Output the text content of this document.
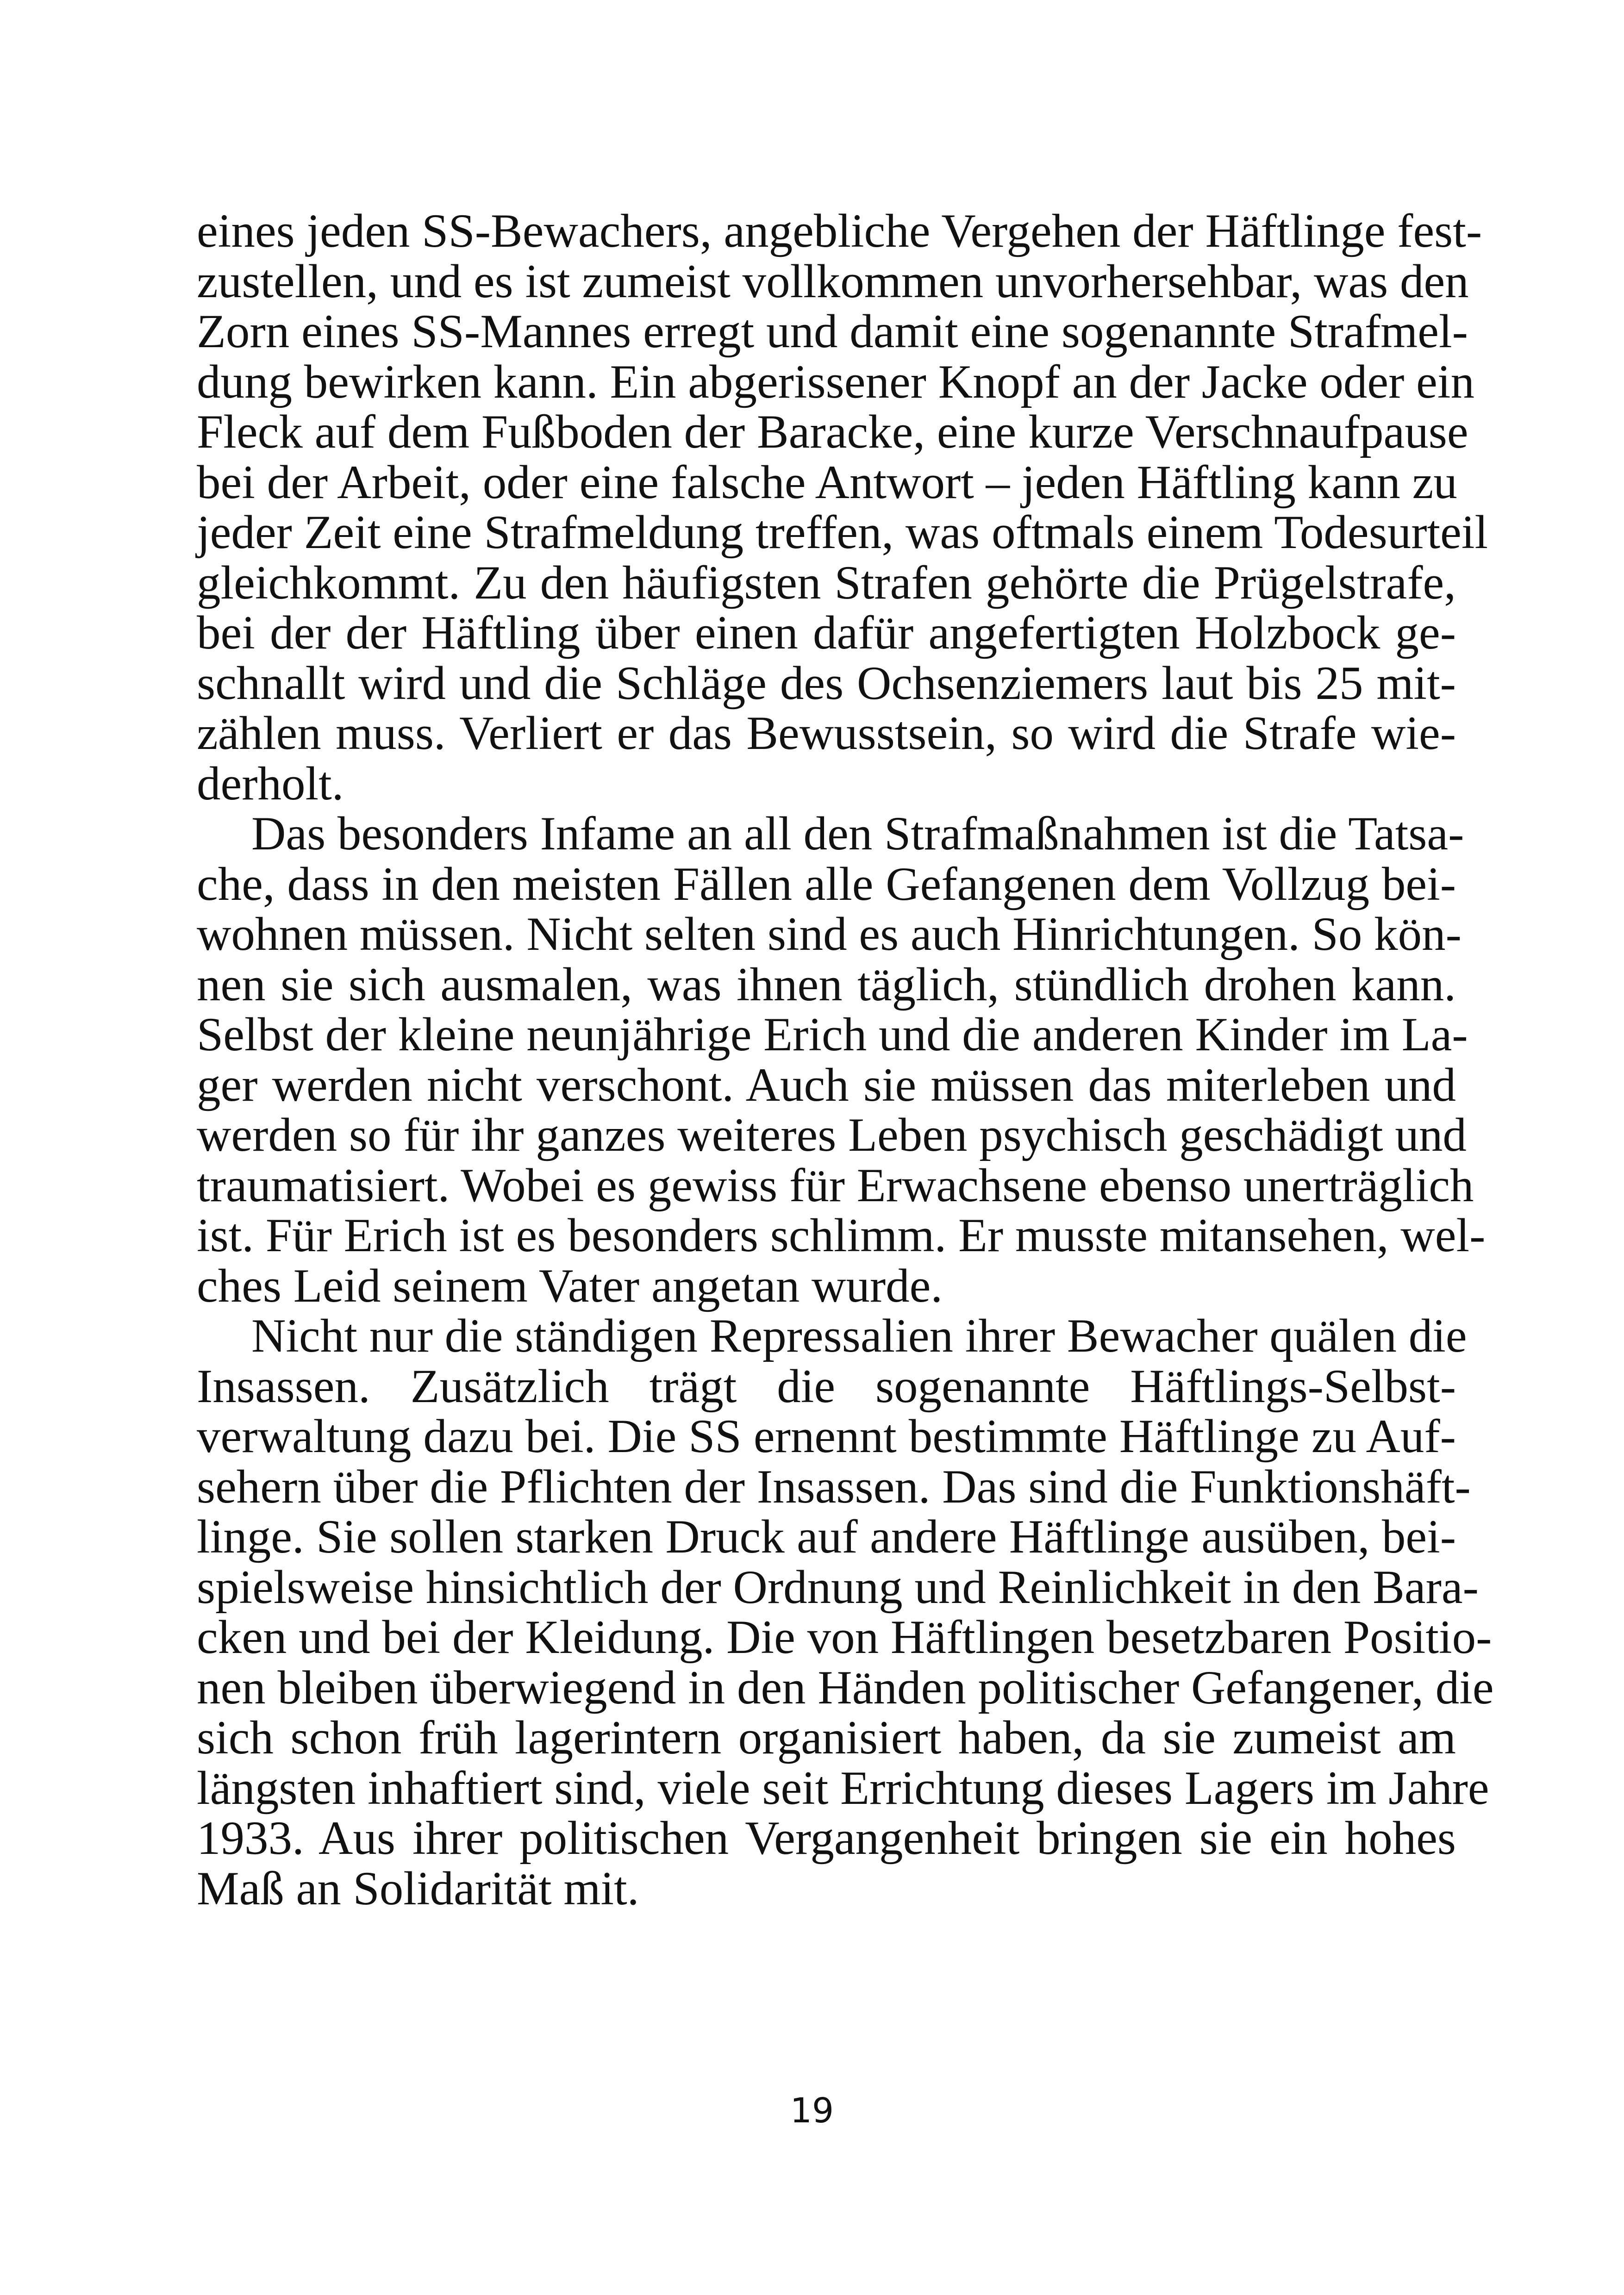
eines jeden SS-Bewachers, angebliche Vergehen der Häftlinge fest-
zustellen, und es ist zumeist vollkommen unvorhersehbar, was den
Zorn eines SS-Mannes erregt und damit eine sogenannte Strafmel-
dung bewirken kann. Ein abgerissener Knopf an der Jacke oder ein
Fleck auf dem Fußboden der Baracke, eine kurze Verschnaufpause
bei der Arbeit, oder eine falsche Antwort – jeden Häftling kann zu
jeder Zeit eine Strafmeldung treffen, was oftmals einem Todesurteil
gleichkommt. Zu den häufigsten Strafen gehörte die Prügelstrafe,
bei der der Häftling über einen dafür angefertigten Holzbock ge-
schnallt wird und die Schläge des Ochsenziemers laut bis 25 mit-
zählen muss. Verliert er das Bewusstsein, so wird die Strafe wie-
derholt.
Das besonders Infame an all den Strafmaßnahmen ist die Tatsa-
che, dass in den meisten Fällen alle Gefangenen dem Vollzug bei-
wohnen müssen. Nicht selten sind es auch Hinrichtungen. So kön-
nen sie sich ausmalen, was ihnen täglich, stündlich drohen kann.
Selbst der kleine neunjährige Erich und die anderen Kinder im La-
ger werden nicht verschont. Auch sie müssen das miterleben und
werden so für ihr ganzes weiteres Leben psychisch geschädigt und
traumatisiert. Wobei es gewiss für Erwachsene ebenso unerträglich
ist. Für Erich ist es besonders schlimm. Er musste mitansehen, wel-
ches Leid seinem Vater angetan wurde.
Nicht nur die ständigen Repressalien ihrer Bewacher quälen die
Insassen. Zusätzlich trägt die sogenannte Häftlings-Selbst-
verwaltung dazu bei. Die SS ernennt bestimmte Häftlinge zu Auf-
sehern über die Pflichten der Insassen. Das sind die Funktionshäft-
linge. Sie sollen starken Druck auf andere Häftlinge ausüben, bei-
spielsweise hinsichtlich der Ordnung und Reinlichkeit in den Bara-
cken und bei der Kleidung. Die von Häftlingen besetzbaren Positio-
nen bleiben überwiegend in den Händen politischer Gefangener, die
sich schon früh lagerintern organisiert haben, da sie zumeist am
längsten inhaftiert sind, viele seit Errichtung dieses Lagers im Jahre
1933. Aus ihrer politischen Vergangenheit bringen sie ein hohes
Maß an Solidarität mit.
19
